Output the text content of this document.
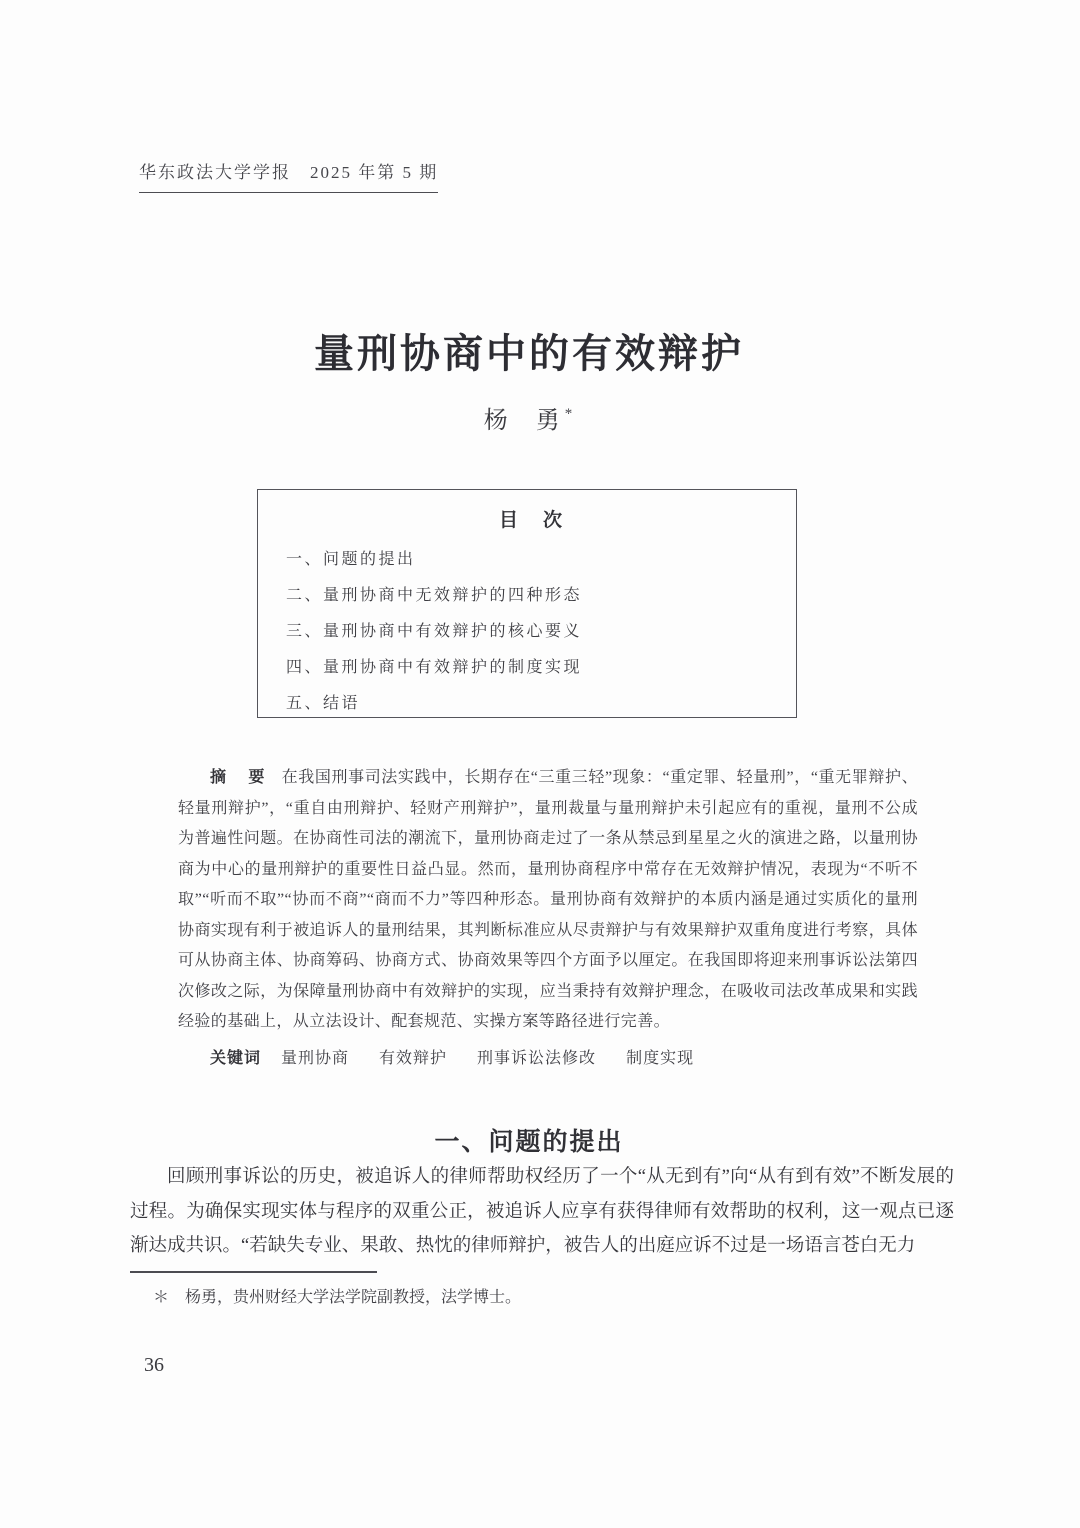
华东政法大学学报　2025 年第 5 期
量刑协商中的有效辩护
杨　勇 *
目　次
一、问题的提出
二、量刑协商中无效辩护的四种形态
三、量刑协商中有效辩护的核心要义
四、量刑协商中有效辩护的制度实现
五、结语

摘　要 在我国刑事司法实践中，长期存在“三重三轻”现象：“重定罪、轻量刑”，“重无罪辩护、轻量刑辩护”，“重自由刑辩护、轻财产刑辩护”，量刑裁量与量刑辩护未引起应有的重视，量刑不公成为普遍性问题。在协商性司法的潮流下，量刑协商走过了一条从禁忌到星星之火的演进之路，以量刑协商为中心的量刑辩护的重要性日益凸显。然而，量刑协商程序中常存在无效辩护情况，表现为“不听不取”“听而不取”“协而不商”“商而不力”等四种形态。量刑协商有效辩护的本质内涵是通过实质化的量刑协商实现有利于被追诉人的量刑结果，其判断标准应从尽责辩护与有效果辩护双重角度进行考察，具体可从协商主体、协商筹码、协商方式、协商效果等四个方面予以厘定。在我国即将迎来刑事诉讼法第四次修改之际，为保障量刑协商中有效辩护的实现，应当秉持有效辩护理念，在吸收司法改革成果和实践经验的基础上，从立法设计、配套规范、实操方案等路径进行完善。

关键词 量刑协商 有效辩护 刑事诉讼法修改 制度实现
一、问题的提出

回顾刑事诉讼的历史，被追诉人的律师帮助权经历了一个“从无到有”向“从有到有效”不断发展的过程。为确保实现实体与程序的双重公正，被追诉人应享有获得律师有效帮助的权利，这一观点已逐渐达成共识。“若缺失专业、果敢、热忱的律师辩护，被告人的出庭应诉不过是一场语言苍白无力

＊ 杨勇，贵州财经大学法学院副教授，法学博士。
36
